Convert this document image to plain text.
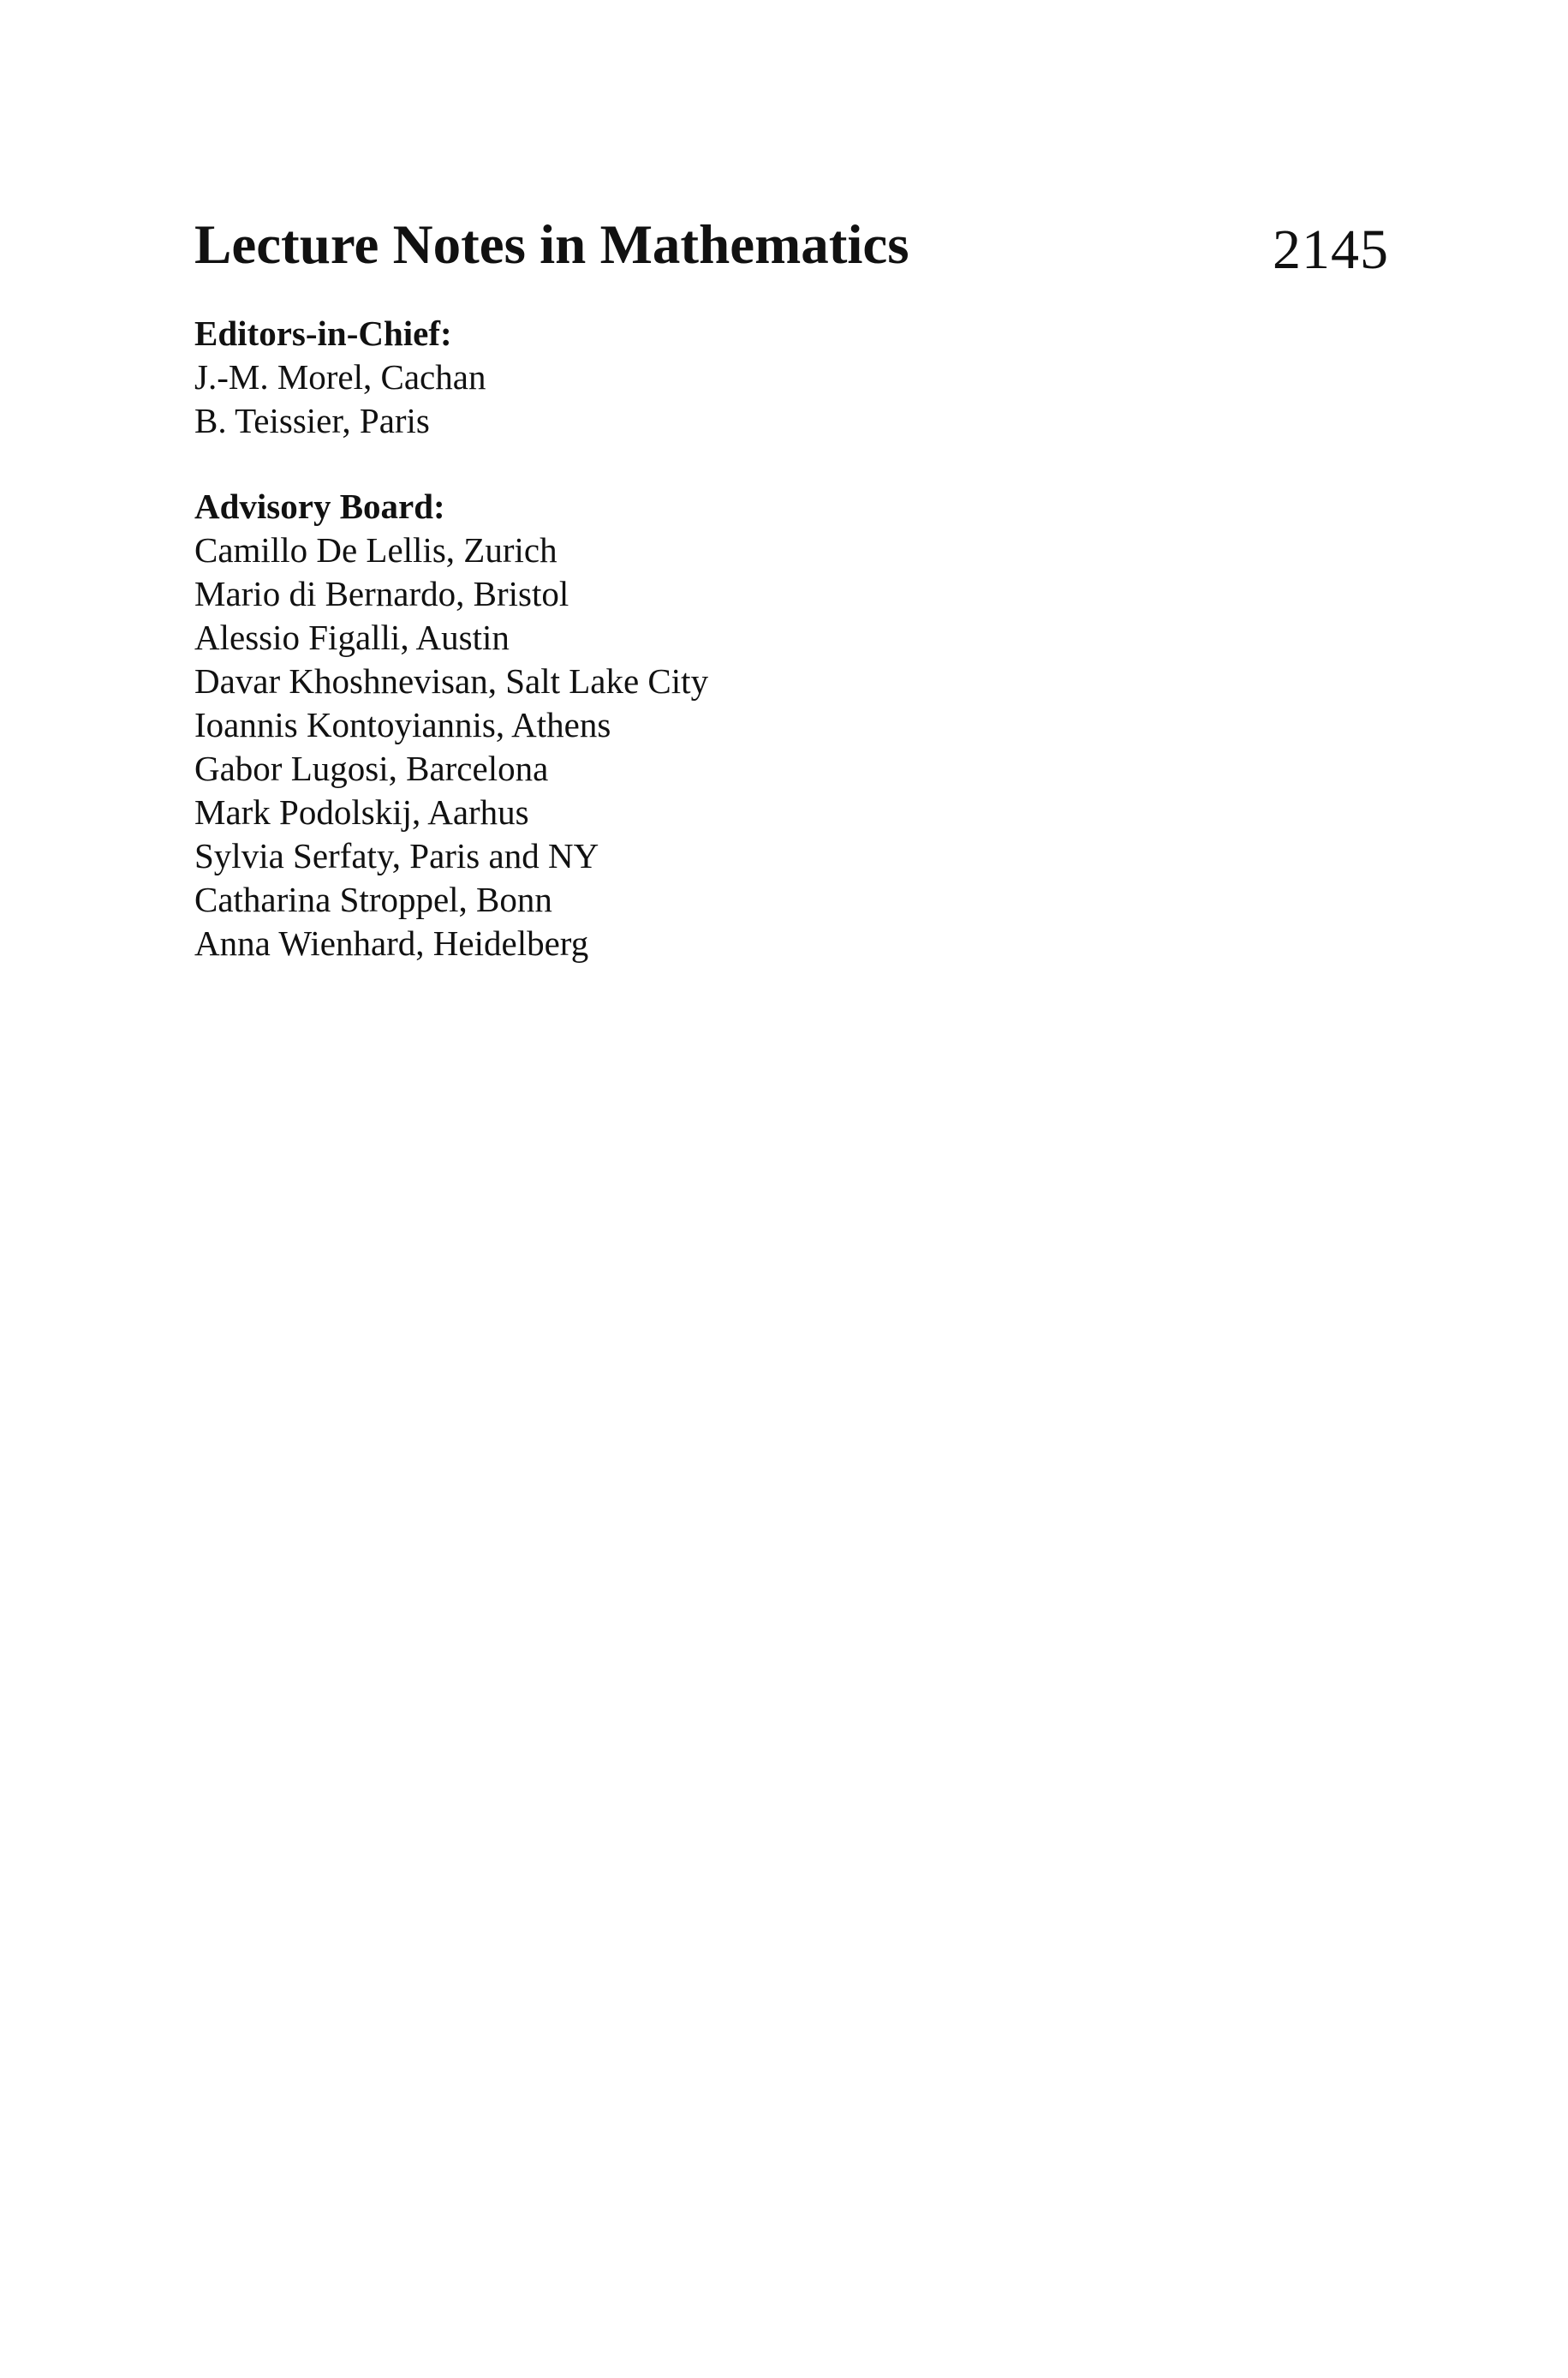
Lecture Notes in Mathematics	2145
Editors-in-Chief:
J.-M. Morel, Cachan
B. Teissier, Paris
Advisory Board:
Camillo De Lellis, Zurich
Mario di Bernardo, Bristol
Alessio Figalli, Austin
Davar Khoshnevisan, Salt Lake City
Ioannis Kontoyiannis, Athens
Gabor Lugosi, Barcelona
Mark Podolskij, Aarhus
Sylvia Serfaty, Paris and NY
Catharina Stroppel, Bonn
Anna Wienhard, Heidelberg
